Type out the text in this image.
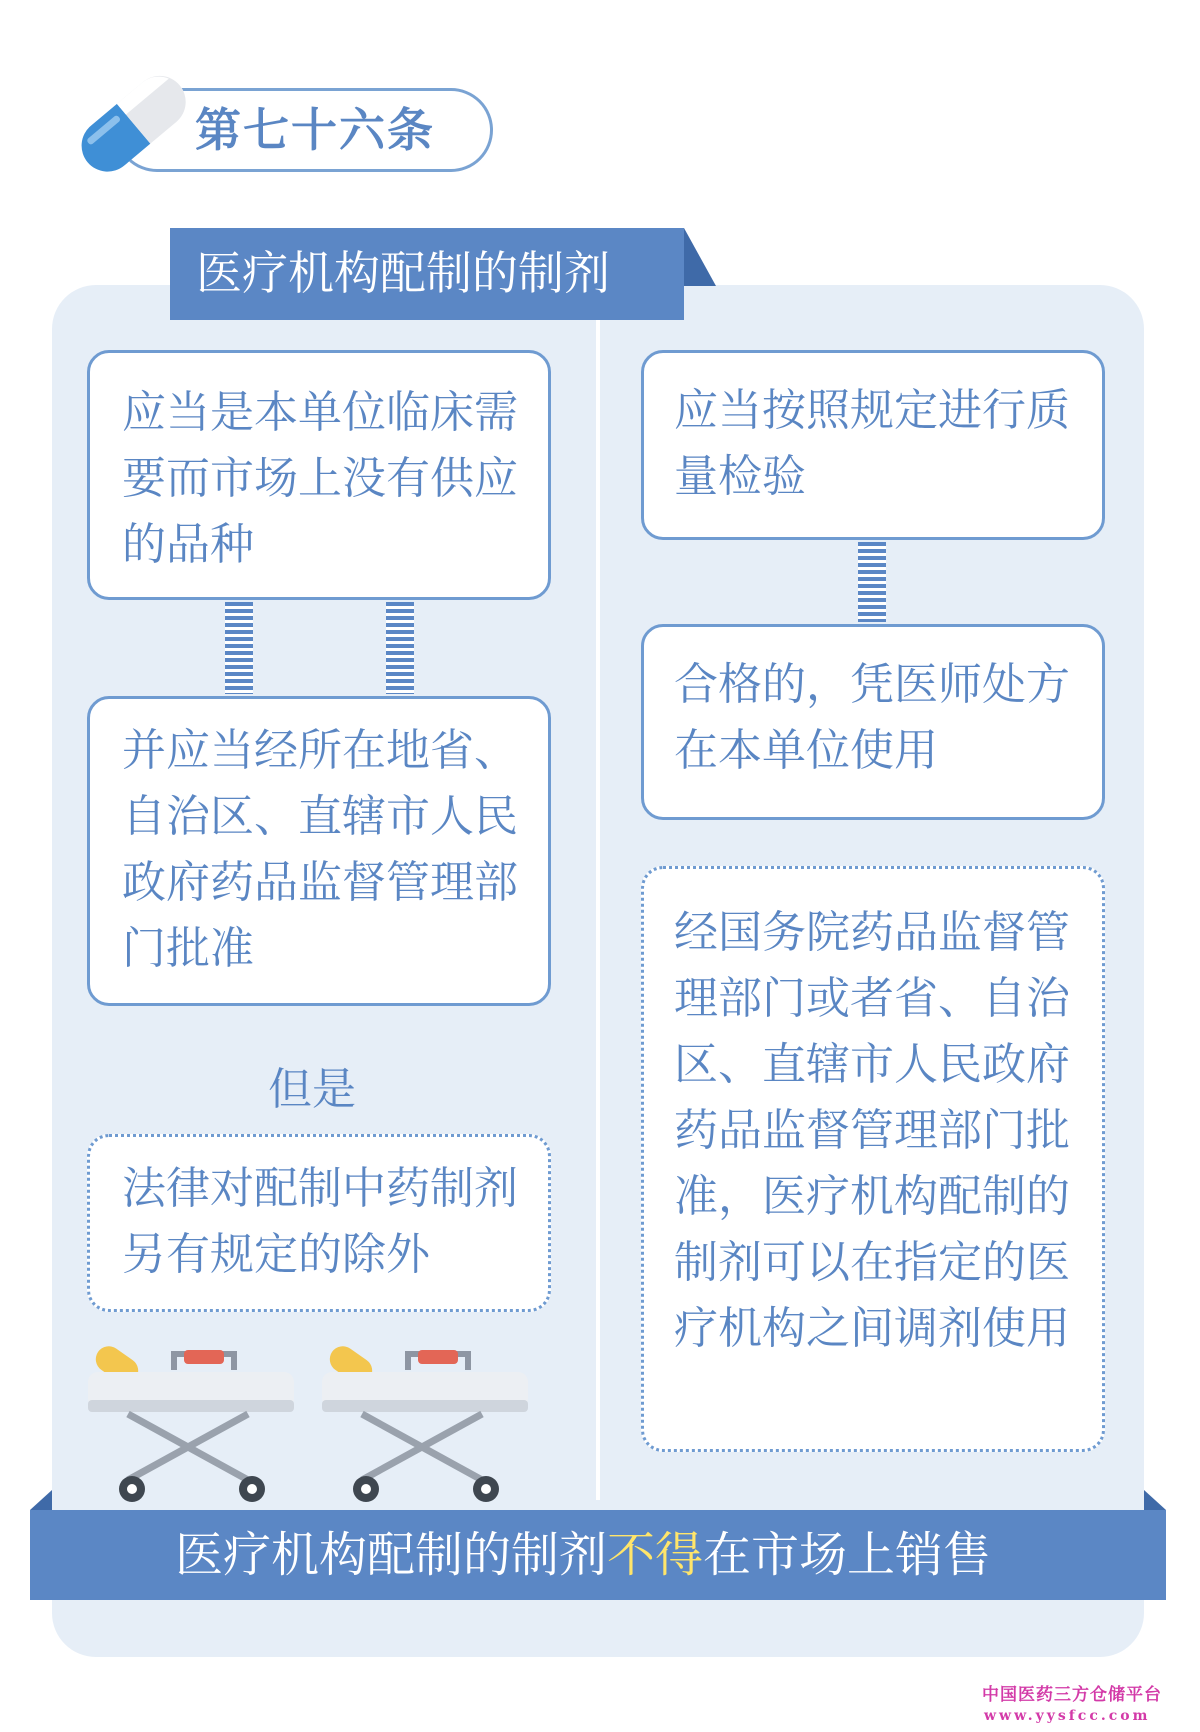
第七十六条
医疗机构配制的制剂
应当是本单位临床需要而市场上没有供应的品种
并应当经所在地省、自治区、直辖市人民政府药品监督管理部门批准
但是
法律对配制中药制剂另有规定的除外
应当按照规定进行质量检验
合格的，凭医师处方在本单位使用
经国务院药品监督管理部门或者省、自治区、直辖市人民政府药品监督管理部门批准，医疗机构配制的制剂可以在指定的医疗机构之间调剂使用
医疗机构配制的制剂不得在市场上销售
中国医药三方仓储平台
www.yysfcc.com
